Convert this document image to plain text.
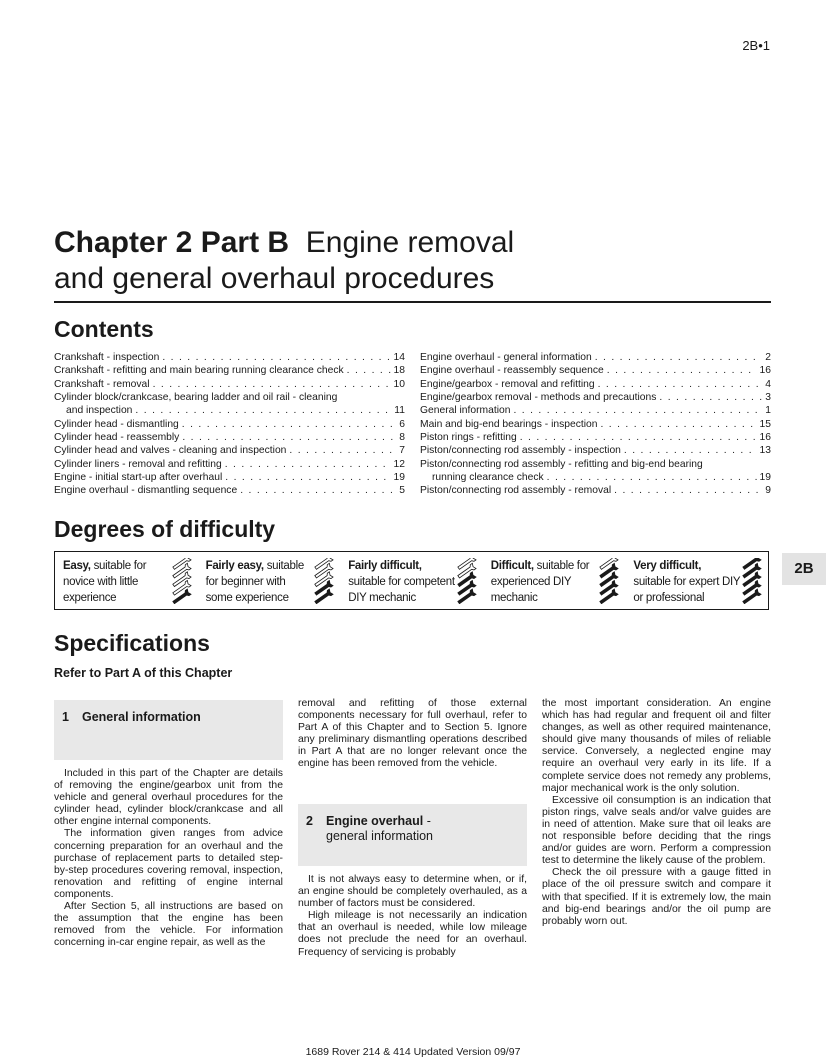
2B•1
Chapter 2 Part B Engine removal
and general overhaul procedures
Contents
Crankshaft - inspection . . .	14
Crankshaft - refitting and main bearing running clearance check . . .	18
Crankshaft - removal . . .	10
Cylinder block/crankcase, bearing ladder and oil rail - cleaning
and inspection . . .	11
Cylinder head - dismantling . . .	6
Cylinder head - reassembly . . .	8
Cylinder head and valves - cleaning and inspection . . .	7
Cylinder liners - removal and refitting . . .	12
Engine - initial start-up after overhaul . . .	19
Engine overhaul - dismantling sequence . . .	5
Engine overhaul - general information . . .	2
Engine overhaul - reassembly sequence . . .	16
Engine/gearbox - removal and refitting . . .	4
Engine/gearbox removal - methods and precautions . . .	3
General information . . .	1
Main and big-end bearings - inspection . . .	15
Piston rings - refitting . . .	16
Piston/connecting rod assembly - inspection . . .	13
Piston/connecting rod assembly - refitting and big-end bearing
running clearance check . . .	19
Piston/connecting rod assembly - removal . . .	9
Degrees of difficulty
Easy, suitable for
novice with little
experience
Fairly easy, suitable
for beginner with
some experience
Fairly difficult,
suitable for competent
DIY mechanic
Difficult, suitable for
experienced DIY
mechanic
Very difficult,
suitable for expert DIY
or professional
2B
Specifications
Refer to Part A of this Chapter
1 General information

Included in this part of the Chapter are details of removing the engine/gearbox unit from the vehicle and general overhaul procedures for the cylinder head, cylinder block/crankcase and all other engine internal components.

The information given ranges from advice concerning preparation for an overhaul and the purchase of replacement parts to detailed step-by-step procedures covering removal, inspection, renovation and refitting of engine internal components.

After Section 5, all instructions are based on the assumption that the engine has been removed from the vehicle. For information concerning in-car engine repair, as well as the

removal and refitting of those external components necessary for full overhaul, refer to Part A of this Chapter and to Section 5. Ignore any preliminary dismantling operations described in Part A that are no longer relevant once the engine has been removed from the vehicle.

2 Engine overhaul -
general information

It is not always easy to determine when, or if, an engine should be completely overhauled, as a number of factors must be considered.

High mileage is not necessarily an indication that an overhaul is needed, while low mileage does not preclude the need for an overhaul. Frequency of servicing is probably

the most important consideration. An engine which has had regular and frequent oil and filter changes, as well as other required maintenance, should give many thousands of miles of reliable service. Conversely, a neglected engine may require an overhaul very early in its life. If a complete service does not remedy any problems, major mechanical work is the only solution.

Excessive oil consumption is an indication that piston rings, valve seals and/or valve guides are in need of attention. Make sure that oil leaks are not responsible before deciding that the rings and/or guides are worn. Perform a compression test to determine the likely cause of the problem.

Check the oil pressure with a gauge fitted in place of the oil pressure switch and compare it with that specified. If it is extremely low, the main and big-end bearings and/or the oil pump are probably worn out.

1689 Rover 214 & 414 Updated Version 09/97
